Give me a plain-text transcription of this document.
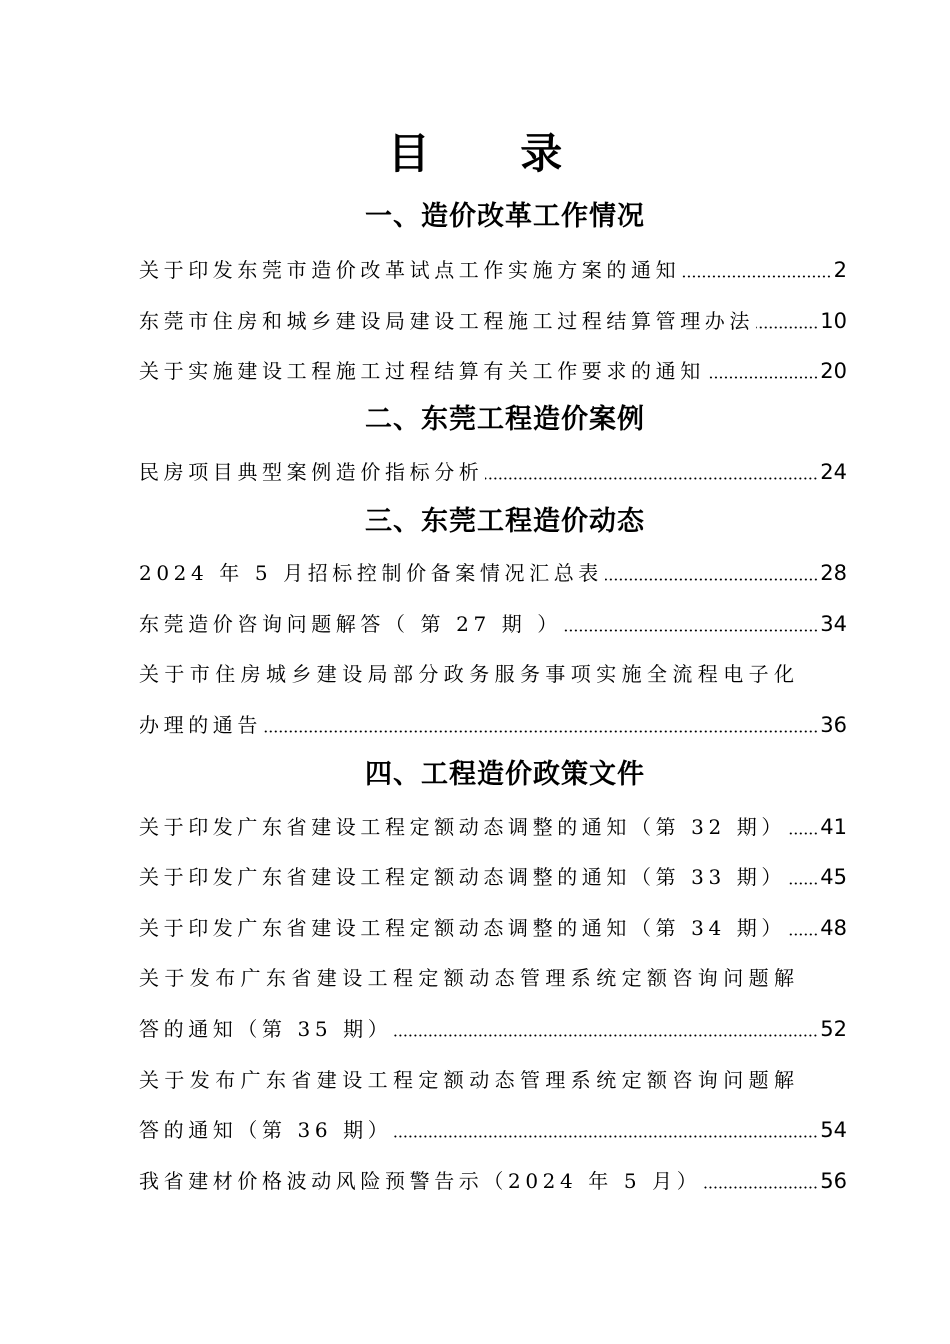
目 录
一、造价改革工作情况
关于印发东莞市造价改革试点工作实施方案的通知	2
东莞市住房和城乡建设局建设工程施工过程结算管理办法	10
关于实施建设工程施工过程结算有关工作要求的通知	20
二、东莞工程造价案例
民房项目典型案例造价指标分析	24
三、东莞工程造价动态
2024 年 5 月招标控制价备案情况汇总表	28
东莞造价咨询问题解答（ 第 27 期 ）	34
关于市住房城乡建设局部分政务服务事项实施全流程电子化
办理的通告	36
四、工程造价政策文件
关于印发广东省建设工程定额动态调整的通知（第 32 期） 41
关于印发广东省建设工程定额动态调整的通知（第 33 期） 45
关于印发广东省建设工程定额动态调整的通知（第 34 期） 48
关于发布广东省建设工程定额动态管理系统定额咨询问题解
答的通知（第 35 期）	52
关于发布广东省建设工程定额动态管理系统定额咨询问题解
答的通知（第 36 期）	54
我省建材价格波动风险预警告示（2024 年 5 月）	56
